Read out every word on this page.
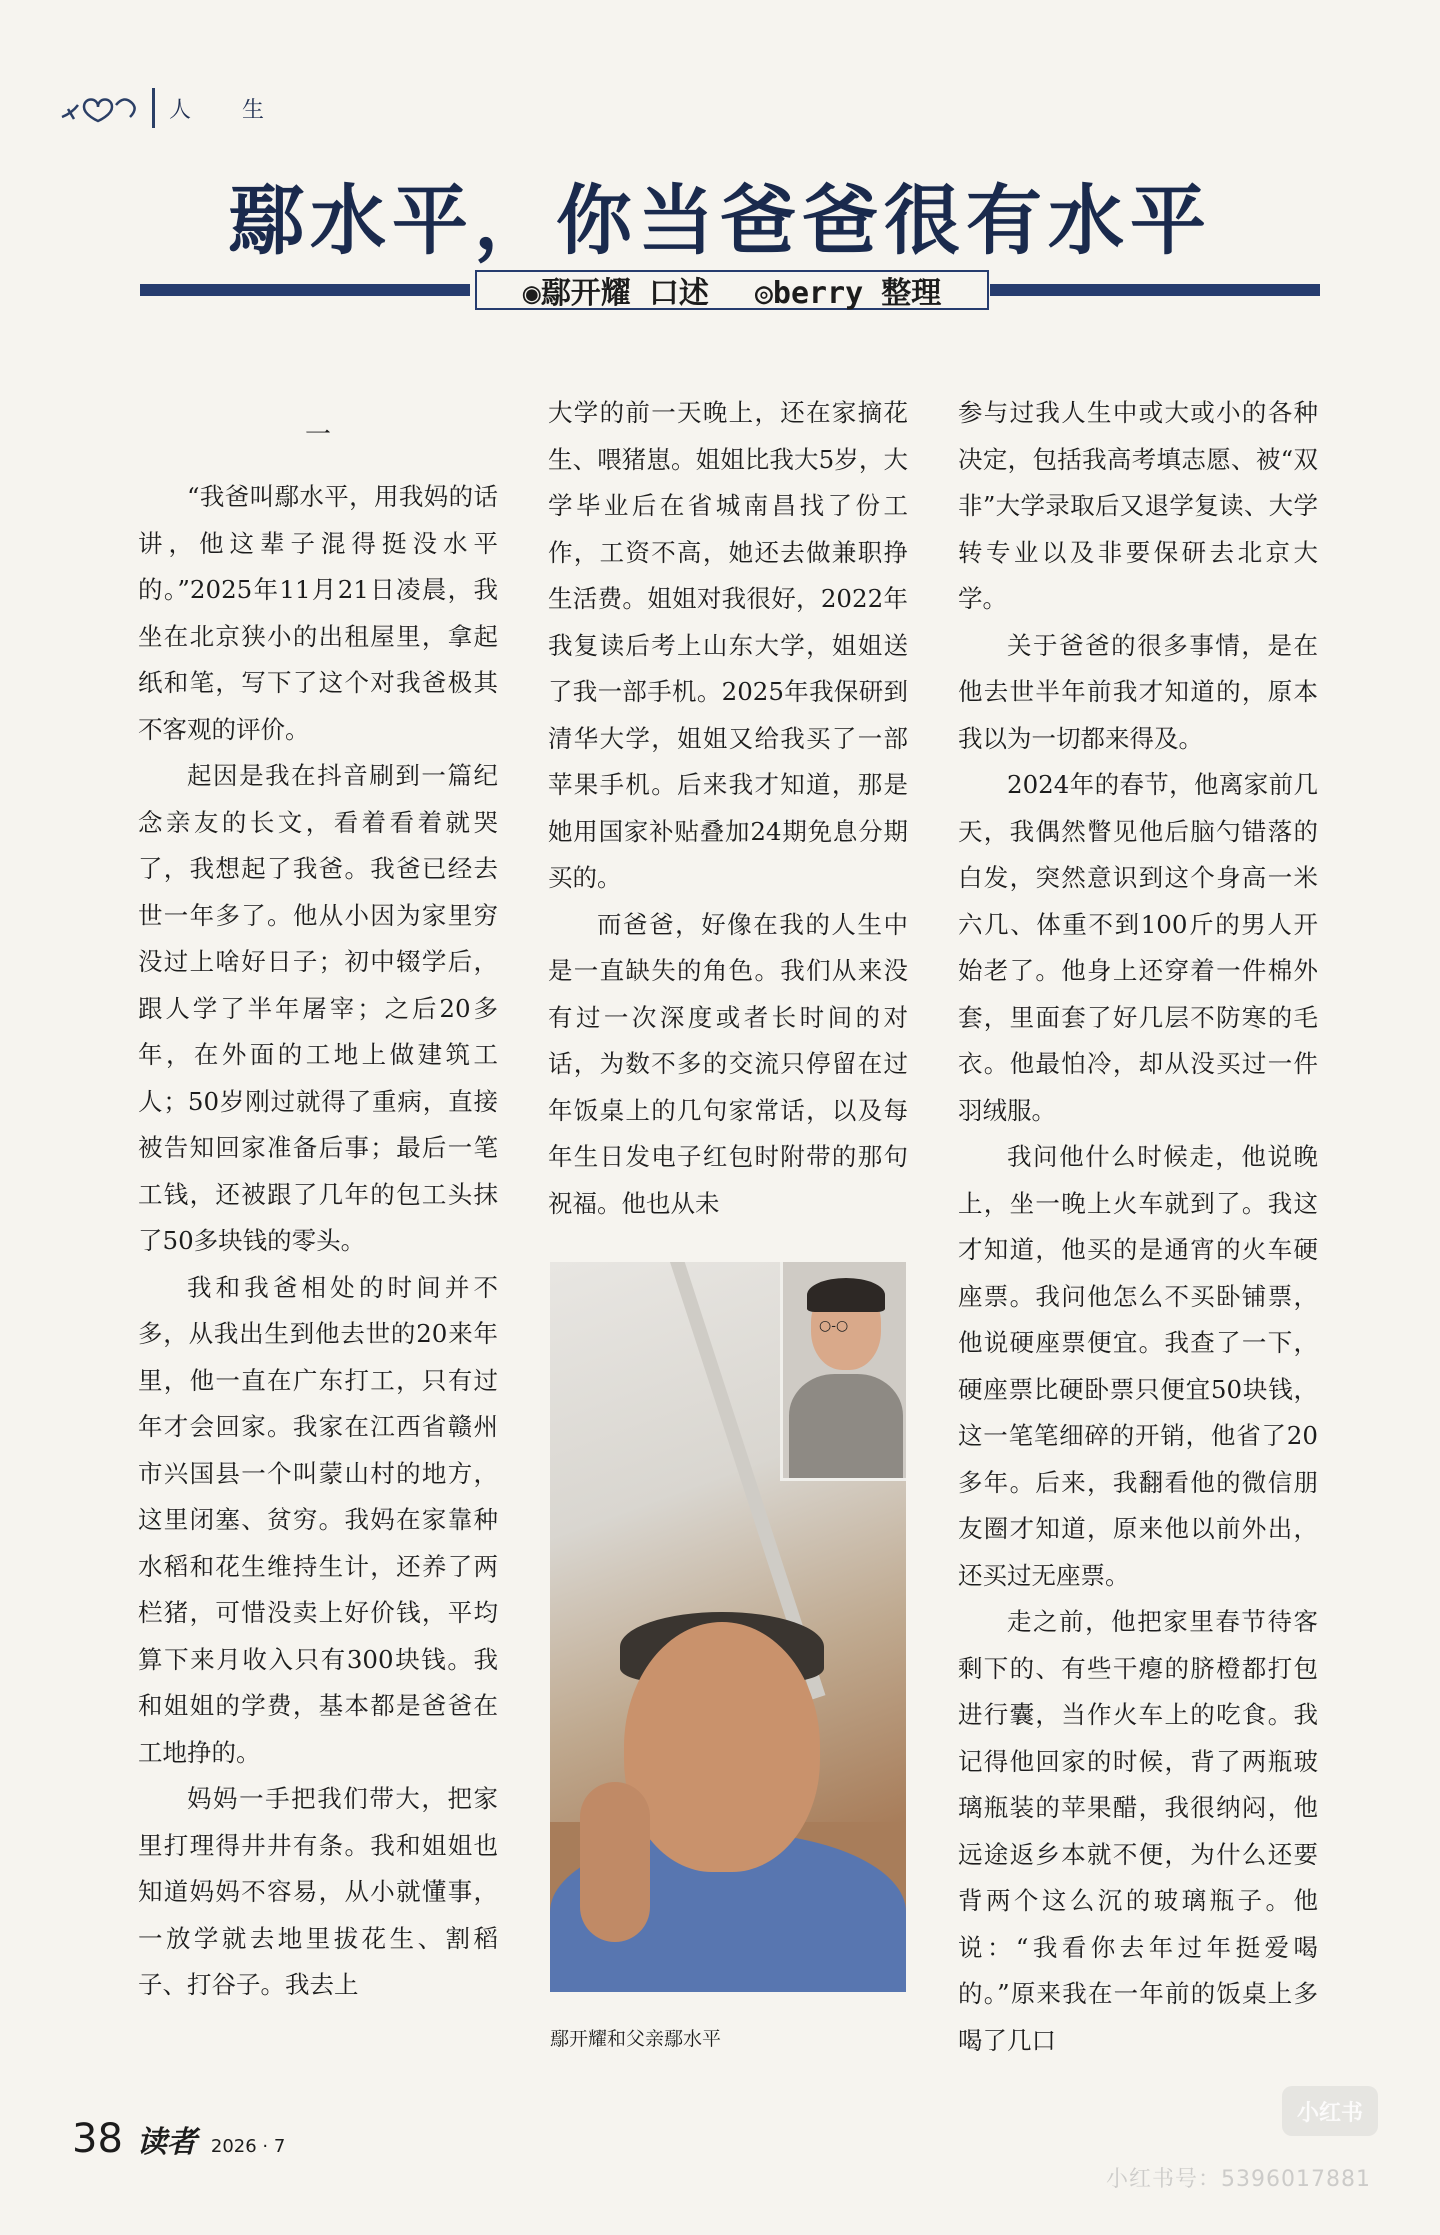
人 生
鄢水平，你当爸爸很有水平
◉鄢开耀 口述 ◎berry 整理
一

“我爸叫鄢水平，用我妈的话讲，他这辈子混得挺没水平的。”2025年11月21日凌晨，我坐在北京狭小的出租屋里，拿起纸和笔，写下了这个对我爸极其不客观的评价。

起因是我在抖音刷到一篇纪念亲友的长文，看着看着就哭了，我想起了我爸。我爸已经去世一年多了。他从小因为家里穷没过上啥好日子；初中辍学后，跟人学了半年屠宰；之后20多年，在外面的工地上做建筑工人；50岁刚过就得了重病，直接被告知回家准备后事；最后一笔工钱，还被跟了几年的包工头抹了50多块钱的零头。

我和我爸相处的时间并不多，从我出生到他去世的20来年里，他一直在广东打工，只有过年才会回家。我家在江西省赣州市兴国县一个叫蒙山村的地方，这里闭塞、贫穷。我妈在家靠种水稻和花生维持生计，还养了两栏猪，可惜没卖上好价钱，平均算下来月收入只有300块钱。我和姐姐的学费，基本都是爸爸在工地挣的。

妈妈一手把我们带大，把家里打理得井井有条。我和姐姐也知道妈妈不容易，从小就懂事，一放学就去地里拔花生、割稻子、打谷子。我去上

大学的前一天晚上，还在家摘花生、喂猪崽。姐姐比我大5岁，大学毕业后在省城南昌找了份工作，工资不高，她还去做兼职挣生活费。姐姐对我很好，2022年我复读后考上山东大学，姐姐送了我一部手机。2025年我保研到清华大学，姐姐又给我买了一部苹果手机。后来我才知道，那是她用国家补贴叠加24期免息分期买的。

而爸爸，好像在我的人生中是一直缺失的角色。我们从来没有过一次深度或者长时间的对话，为数不多的交流只停留在过年饭桌上的几句家常话，以及每年生日发电子红包时附带的那句祝福。他也从未

○-○
鄢开耀和父亲鄢水平

参与过我人生中或大或小的各种决定，包括我高考填志愿、被“双非”大学录取后又退学复读、大学转专业以及非要保研去北京大学。

关于爸爸的很多事情，是在他去世半年前我才知道的，原本我以为一切都来得及。

2024年的春节，他离家前几天，我偶然瞥见他后脑勺错落的白发，突然意识到这个身高一米六几、体重不到100斤的男人开始老了。他身上还穿着一件棉外套，里面套了好几层不防寒的毛衣。他最怕冷，却从没买过一件羽绒服。

我问他什么时候走，他说晚上，坐一晚上火车就到了。我这才知道，他买的是通宵的火车硬座票。我问他怎么不买卧铺票，他说硬座票便宜。我查了一下，硬座票比硬卧票只便宜50块钱，这一笔笔细碎的开销，他省了20多年。后来，我翻看他的微信朋友圈才知道，原来他以前外出，还买过无座票。

走之前，他把家里春节待客剩下的、有些干瘪的脐橙都打包进行囊，当作火车上的吃食。我记得他回家的时候，背了两瓶玻璃瓶装的苹果醋，我很纳闷，他远途返乡本就不便，为什么还要背两个这么沉的玻璃瓶子。他说：“我看你去年过年挺爱喝的。”原来我在一年前的饭桌上多喝了几口

38 读者 2026 · 7
小红书
小红书号：5396017881
